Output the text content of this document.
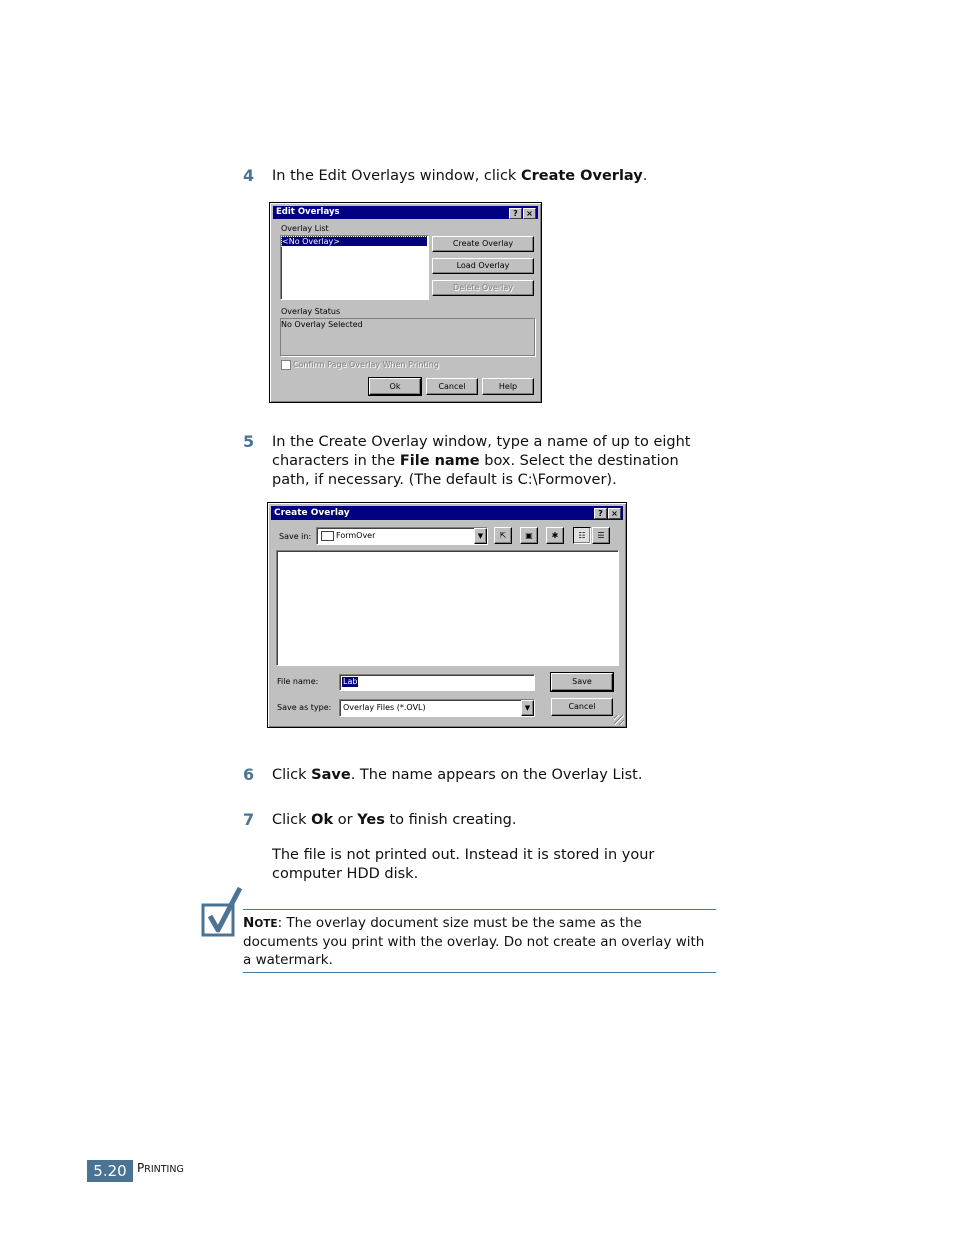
4 In the Edit Overlays window, click Create Overlay.
Edit Overlays	?	×
Overlay List
<No Overlay>	Create Overlay
Load Overlay
Delete Overlay
Overlay Status
No Overlay Selected
Confirm Page Overlay When Printing
Ok	Cancel	Help
5 In the Create Overlay window, type a name of up to eight characters in the File name box. Select the destination path, if necessary. (The default is C:\Formover).
Create Overlay	?	×
Save in:	FormOver	▼	⇱	▣	✱	☷	☰
File name:	Lab
Save as type: Overlay Files (*.OVL)	▼
Save
Cancel
6 Click Save. The name appears on the Overlay List.
7 Click Ok or Yes to finish creating.
The file is not printed out. Instead it is stored in your computer HDD disk.
NOTE: The overlay document size must be the same as the documents you print with the overlay. Do not create an overlay with a watermark.
5.20 PRINTING
